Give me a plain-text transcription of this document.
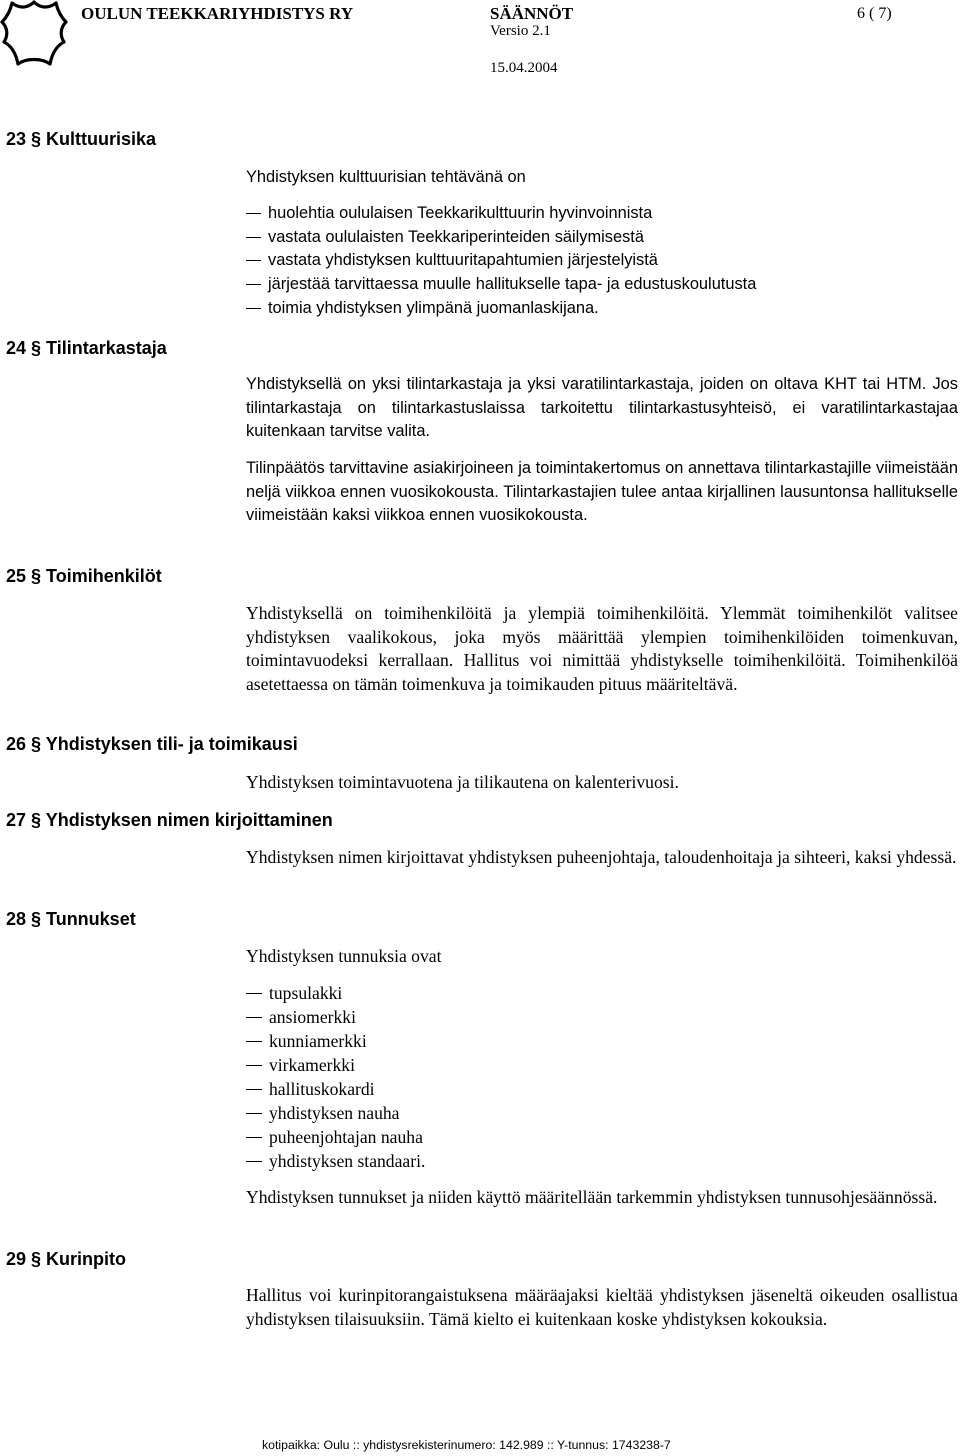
OULUN TEEKKARIYHDISTYS RY	SÄÄNNÖT	6 ( 7)
Versio 2.1
15.04.2004
23 § Kulttuurisika
Yhdistyksen kulttuurisian tehtävänä on
huolehtia oululaisen Teekkarikulttuurin hyvinvoinnista
vastata oululaisten Teekkariperinteiden säilymisestä
vastata yhdistyksen kulttuuritapahtumien järjestelyistä
järjestää tarvittaessa muulle hallitukselle tapa- ja edustuskoulutusta
toimia yhdistyksen ylimpänä juomanlaskijana.
24 § Tilintarkastaja
Yhdistyksellä on yksi tilintarkastaja ja yksi varatilintarkastaja, joiden on oltava KHT tai HTM. Jos tilintarkastaja on tilintarkastuslaissa tarkoitettu tilintarkastusyhteisö, ei varatilintarkastajaa kuitenkaan tarvitse valita.
Tilinpäätös tarvittavine asiakirjoineen ja toimintakertomus on annettava tilintarkastajille viimeistään neljä viikkoa ennen vuosikokousta. Tilintarkastajien tulee antaa kirjallinen lausuntonsa hallitukselle viimeistään kaksi viikkoa ennen vuosikokousta.
25 § Toimihenkilöt
Yhdistyksellä on toimihenkilöitä ja ylempiä toimihenkilöitä. Ylemmät toimihenkilöt valitsee yhdistyksen vaalikokous, joka myös määrittää ylempien toimihenkilöiden toimenkuvan, toimintavuodeksi kerrallaan. Hallitus voi nimittää yhdistykselle toimihenkilöitä. Toimihenkilöä asetettaessa on tämän toimenkuva ja toimikauden pituus määriteltävä.
26 § Yhdistyksen tili- ja toimikausi
Yhdistyksen toimintavuotena ja tilikautena on kalenterivuosi.
27 § Yhdistyksen nimen kirjoittaminen
Yhdistyksen nimen kirjoittavat yhdistyksen puheenjohtaja, taloudenhoitaja ja sihteeri, kaksi yhdessä.
28 § Tunnukset
Yhdistyksen tunnuksia ovat
tupsulakki
ansiomerkki
kunniamerkki
virkamerkki
hallituskokardi
yhdistyksen nauha
puheenjohtajan nauha
yhdistyksen standaari.
Yhdistyksen tunnukset ja niiden käyttö määritellään tarkemmin yhdistyksen tunnusohjesäännössä.
29 § Kurinpito
Hallitus voi kurinpitorangaistuksena määräajaksi kieltää yhdistyksen jäseneltä oikeuden osallistua yhdistyksen tilaisuuksiin. Tämä kielto ei kuitenkaan koske yhdistyksen kokouksia.
kotipaikka: Oulu :: yhdistysrekisterinumero: 142.989 :: Y-tunnus: 1743238-7
